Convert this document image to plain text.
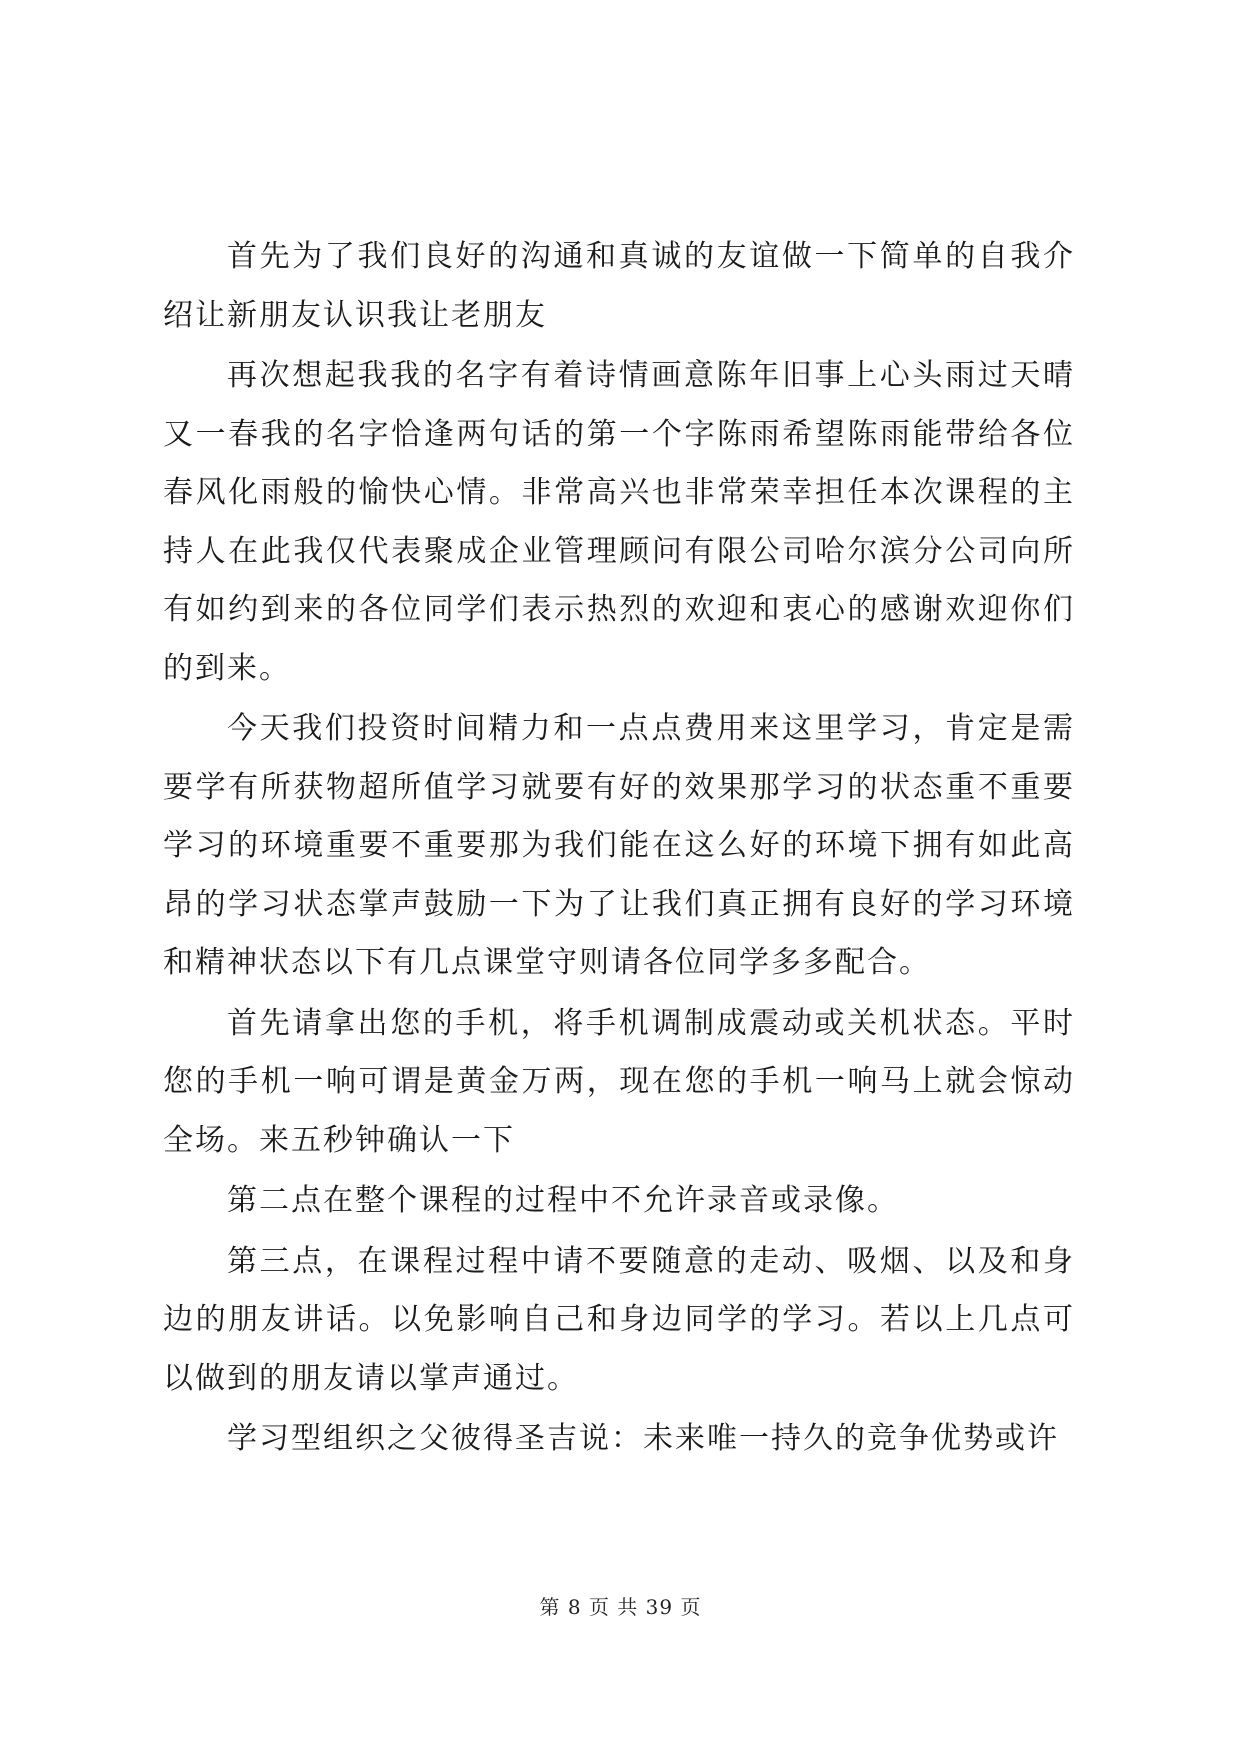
首先为了我们良好的沟通和真诚的友谊做一下简单的自我介绍让新朋友认识我让老朋友

再次想起我我的名字有着诗情画意陈年旧事上心头雨过天晴又一春我的名字恰逢两句话的第一个字陈雨希望陈雨能带给各位春风化雨般的愉快心情。非常高兴也非常荣幸担任本次课程的主持人在此我仅代表聚成企业管理顾问有限公司哈尔滨分公司向所有如约到来的各位同学们表示热烈的欢迎和衷心的感谢欢迎你们的到来。

今天我们投资时间精力和一点点费用来这里学习，肯定是需要学有所获物超所值学习就要有好的效果那学习的状态重不重要学习的环境重要不重要那为我们能在这么好的环境下拥有如此高昂的学习状态掌声鼓励一下为了让我们真正拥有良好的学习环境和精神状态以下有几点课堂守则请各位同学多多配合。

首先请拿出您的手机，将手机调制成震动或关机状态。平时您的手机一响可谓是黄金万两，现在您的手机一响马上就会惊动全场。来五秒钟确认一下

第二点在整个课程的过程中不允许录音或录像。

第三点，在课程过程中请不要随意的走动、吸烟、以及和身边的朋友讲话。以免影响自己和身边同学的学习。若以上几点可以做到的朋友请以掌声通过。

学习型组织之父彼得圣吉说：未来唯一持久的竞争优势或许

第 8 页 共 39 页
